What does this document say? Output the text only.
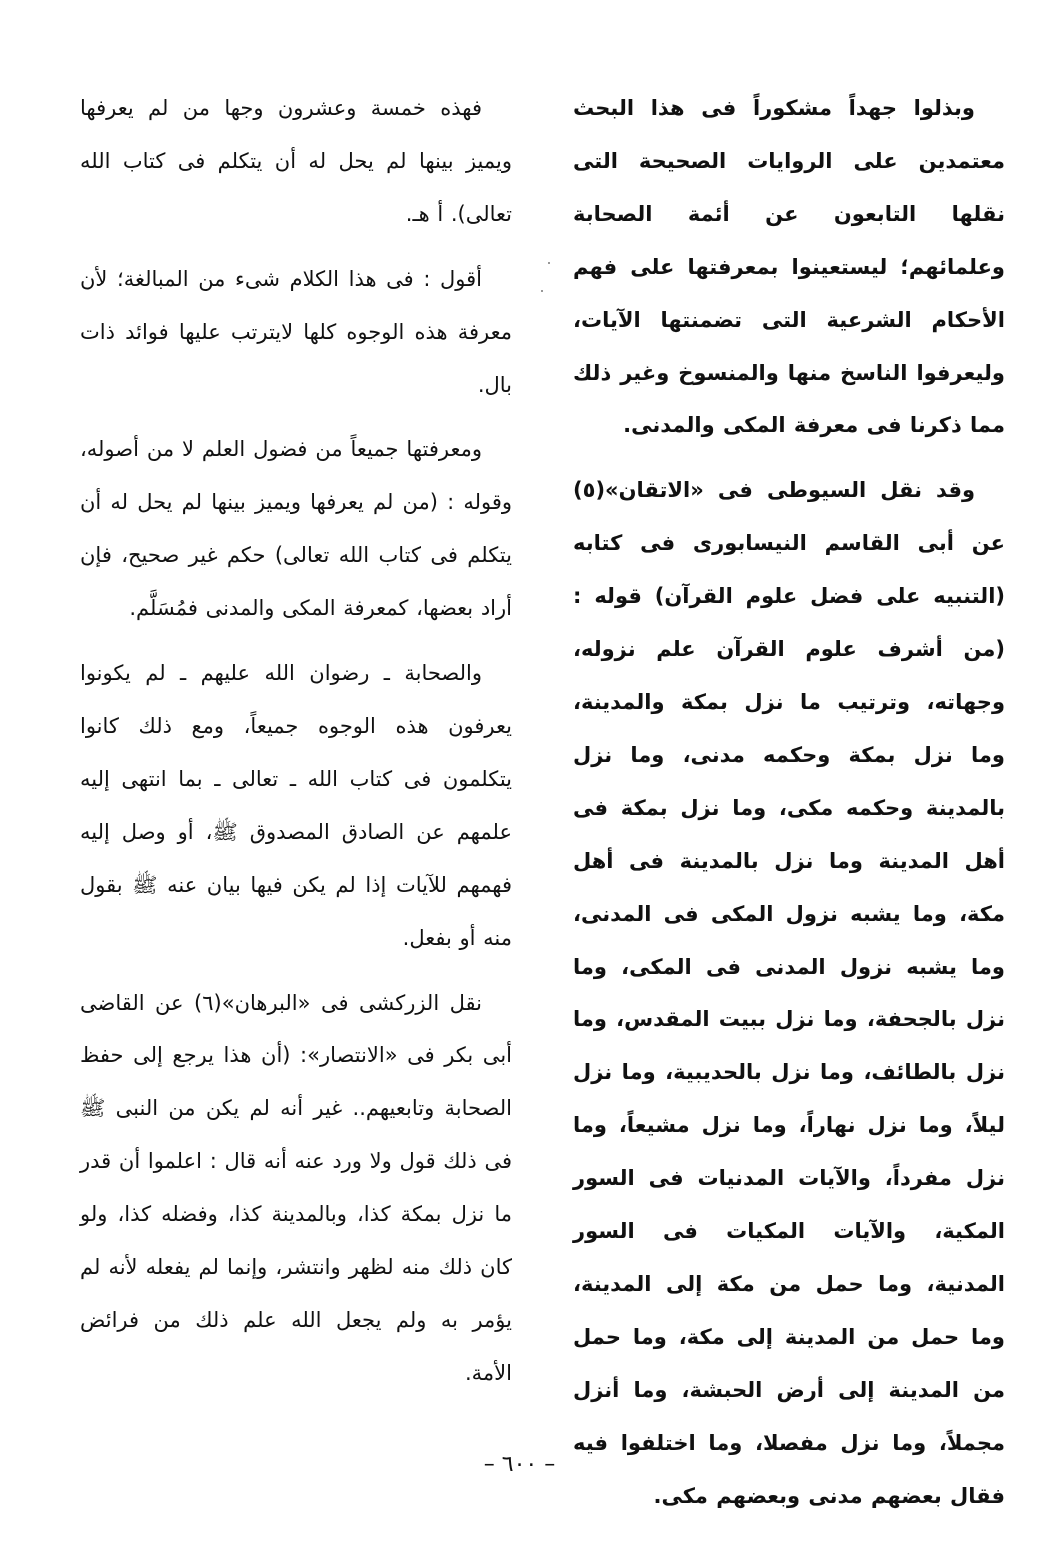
وبذلوا جهداً مشكوراً فى هذا البحث معتمدين على الروايات الصحيحة التى نقلها التابعون عن أئمة الصحابة وعلمائهم؛ ليستعينوا بمعرفتها على فهم الأحكام الشرعية التى تضمنتها الآيات، وليعرفوا الناسخ منها والمنسوخ وغير ذلك مما ذكرنا فى معرفة المكى والمدنى.

وقد نقل السيوطى فى «الاتقان»(٥) عن أبى القاسم النيسابورى فى كتابه (التنبيه على فضل علوم القرآن) قوله : (من أشرف علوم القرآن علم نزوله، وجهاته، وترتيب ما نزل بمكة والمدينة، وما نزل بمكة وحكمه مدنى، وما نزل بالمدينة وحكمه مكى، وما نزل بمكة فى أهل المدينة وما نزل بالمدينة فى أهل مكة، وما يشبه نزول المكى فى المدنى، وما يشبه نزول المدنى فى المكى، وما نزل بالجحفة، وما نزل ببيت المقدس، وما نزل بالطائف، وما نزل بالحديبية، وما نزل ليلاً، وما نزل نهاراً، وما نزل مشيعاً، وما نزل مفرداً، والآيات المدنيات فى السور المكية، والآيات المكيات فى السور المدنية، وما حمل من مكة إلى المدينة، وما حمل من المدينة إلى مكة، وما حمل من المدينة إلى أرض الحبشة، وما أنزل مجملاً، وما نزل مفصلا، وما اختلفوا فيه فقال بعضهم مدنى وبعضهم مكى.

فهذه خمسة وعشرون وجها من لم يعرفها ويميز بينها لم يحل له أن يتكلم فى كتاب الله تعالى). أ هـ.

أقول : فى هذا الكلام شىء من المبالغة؛ لأن معرفة هذه الوجوه كلها لايترتب عليها فوائد ذات بال.

ومعرفتها جميعاً من فضول العلم لا من أصوله، وقوله : (من لم يعرفها ويميز بينها لم يحل له أن يتكلم فى كتاب الله تعالى) حكم غير صحيح، فإن أراد بعضها، كمعرفة المكى والمدنى فمُسَلَّم.

والصحابة ـ رضوان الله عليهم ـ لم يكونوا يعرفون هذه الوجوه جميعاً، ومع ذلك كانوا يتكلمون فى كتاب الله ـ تعالى ـ بما انتهى إليه علمهم عن الصادق المصدوق ﷺ، أو وصل إليه فهمهم للآيات إذا لم يكن فيها بيان عنه ﷺ بقول منه أو بفعل.

نقل الزركشى فى «البرهان»(٦) عن القاضى أبى بكر فى «الانتصار»: (أن هذا يرجع إلى حفظ الصحابة وتابعيهم.. غير أنه لم يكن من النبى ﷺ فى ذلك قول ولا ورد عنه أنه قال : اعلموا أن قدر ما نزل بمكة كذا، وبالمدينة كذا، وفضله كذا، ولو كان ذلك منه لظهر وانتشر، وإنما لم يفعله لأنه لم يؤمر به ولم يجعل الله علم ذلك من فرائض الأمة.

– ٦٠٠ –
